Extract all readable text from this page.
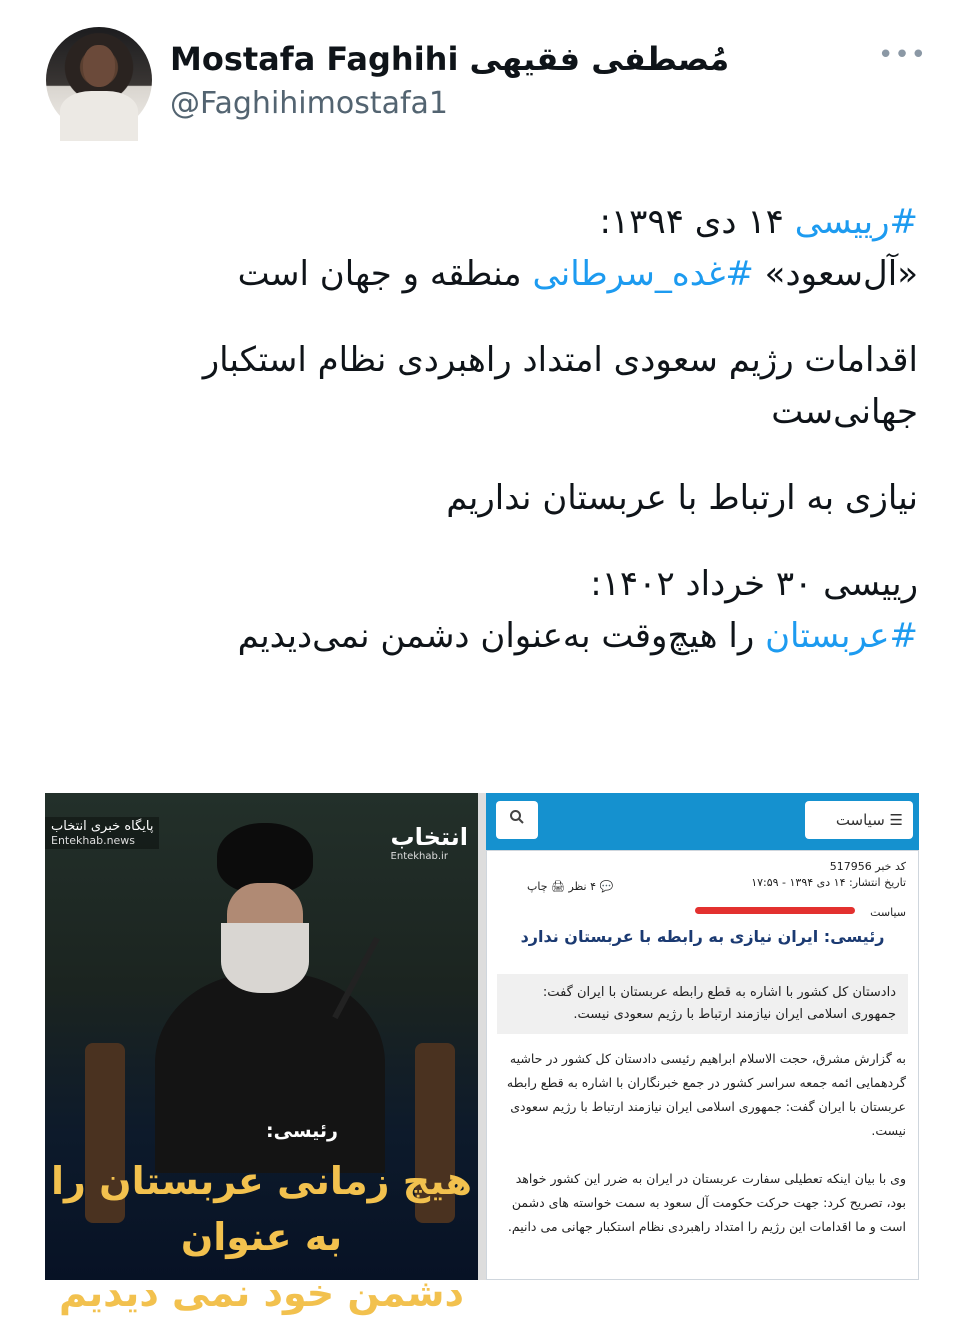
Mostafa Faghihi مُصطفی فقیهی
@Faghihimostafa1
•••

#رییسی ۱۴ دی ۱۳۹۴:
«آل‌سعود» #غده_سرطانی منطقه و جهان است

اقدامات رژیم سعودی امتداد راهبردی نظام استکبار جهانی‌ست

نیازی به ارتباط با عربستان نداریم

رییسی ۳۰ خرداد ۱۴۰۲:
#عربستان را هیچ‌وقت به‌عنوان دشمن نمی‌دیدیم

پایگاه خبری انتخاب
Entekhab.news	انتخاب
Entekhab.ir
رئیسی:
هیچ زمانی عربستان را به عنوان
دشمن خود نمی دیدیم
☰ سیاست
کد خبر 517956
تاریخ انتشار: ۱۴ دی ۱۳۹۴ - ۱۷:۵۹
💬 ۴ نظر 🖨 چاپ
سیاست
رئیسی: ایران نیازی به رابطه با عربستان ندارد
دادستان کل کشور با اشاره به قطع رابطه عربستان با ایران گفت: جمهوری اسلامی ایران نیازمند ارتباط با رژیم سعودی نیست.
به گزارش مشرق، حجت الاسلام ابراهیم رئیسی دادستان کل کشور در حاشیه گردهمایی ائمه جمعه سراسر کشور در جمع خبرنگاران با اشاره به قطع رابطه عربستان با ایران گفت: جمهوری اسلامی ایران نیازمند ارتباط با رژیم سعودی نیست.
وی با بیان اینکه تعطیلی سفارت عربستان در ایران به ضرر این کشور خواهد بود، تصریح کرد: جهت حرکت حکومت آل سعود به سمت خواسته های دشمن است و ما اقدامات این رژیم را امتداد راهبردی نظام استکبار جهانی می دانیم.
